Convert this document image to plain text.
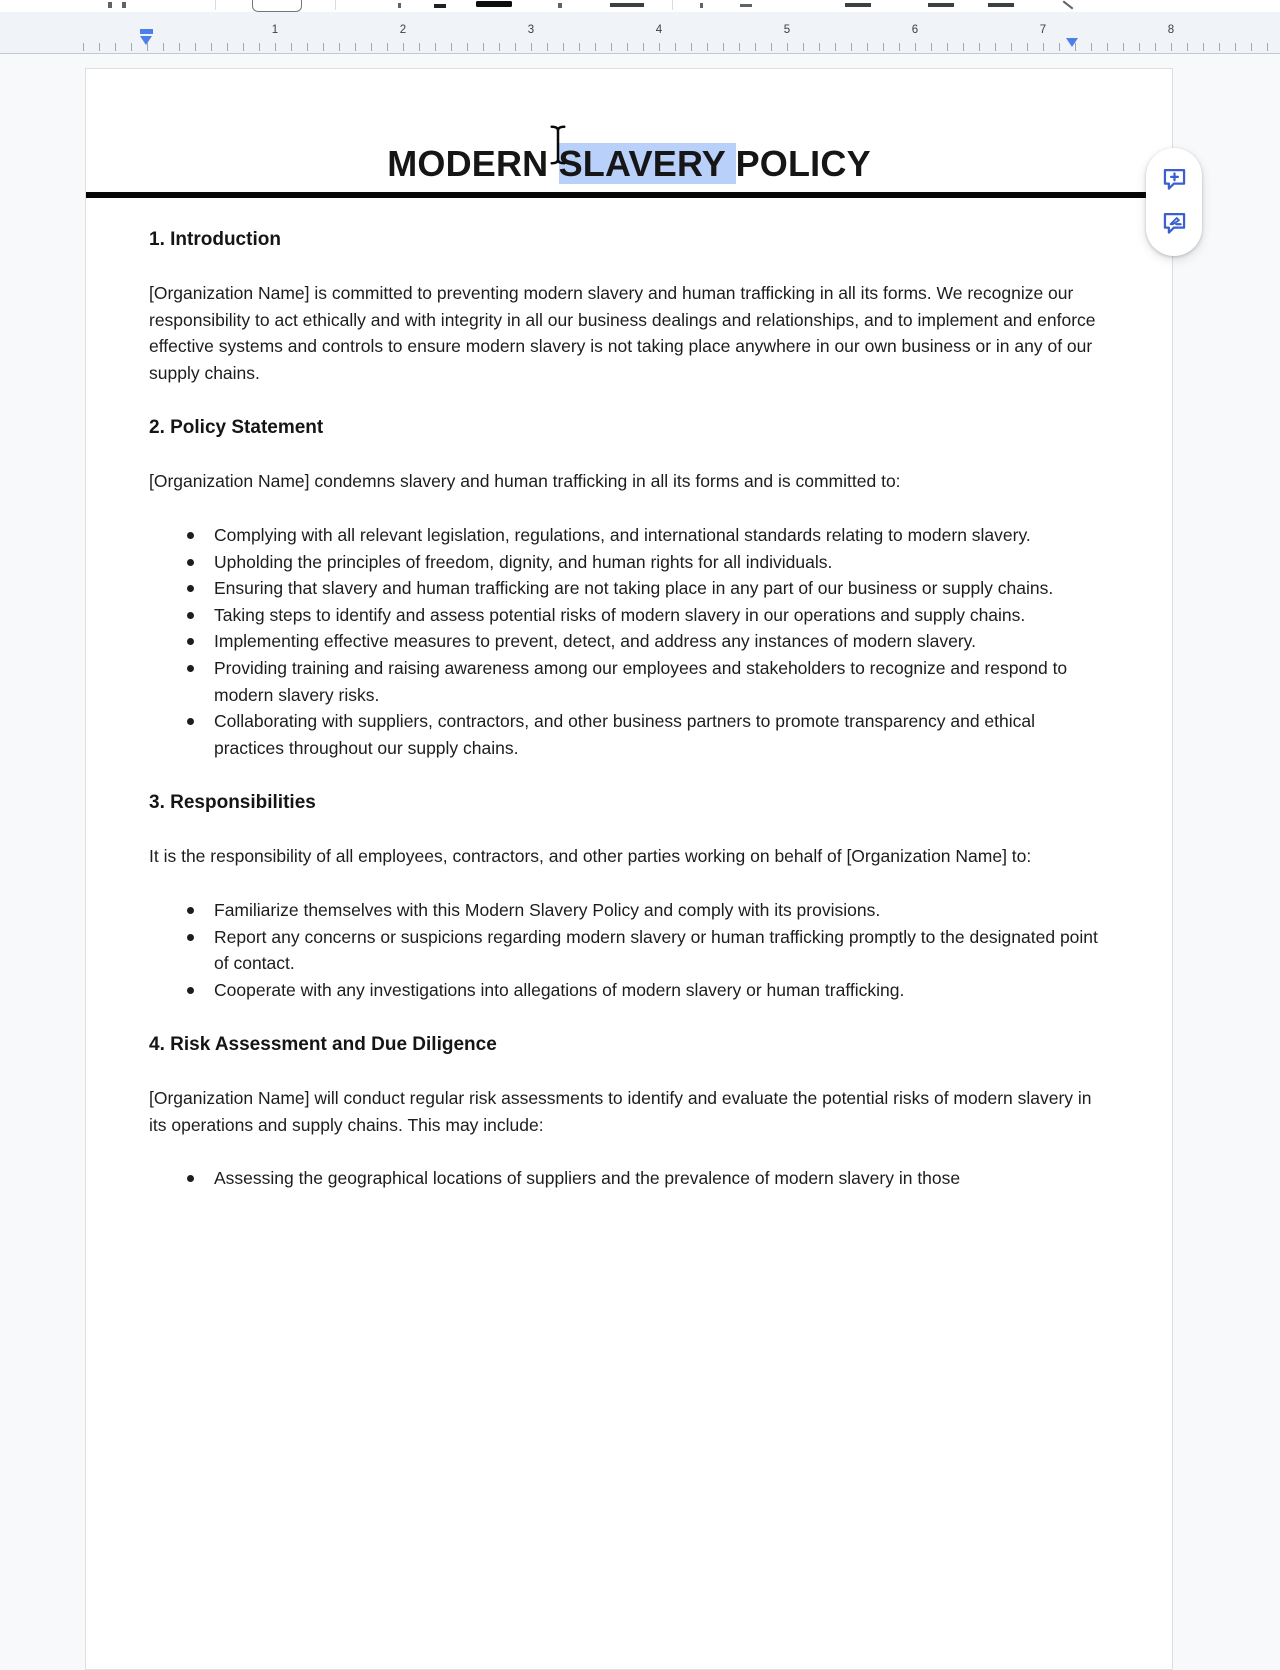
1	2	3	4	5	6	7	8
MODERN SLAVERY POLICY
1. Introduction

[Organization Name] is committed to preventing modern slavery and human trafficking in all its forms. We recognize our responsibility to act ethically and with integrity in all our business dealings and relationships, and to implement and enforce effective systems and controls to ensure modern slavery is not taking place anywhere in our own business or in any of our supply chains.

2. Policy Statement

[Organization Name] condemns slavery and human trafficking in all its forms and is committed to:

Complying with all relevant legislation, regulations, and international standards relating to modern slavery.
Upholding the principles of freedom, dignity, and human rights for all individuals.
Ensuring that slavery and human trafficking are not taking place in any part of our business or supply chains.
Taking steps to identify and assess potential risks of modern slavery in our operations and supply chains.
Implementing effective measures to prevent, detect, and address any instances of modern slavery.
Providing training and raising awareness among our employees and stakeholders to recognize and respond to modern slavery risks.
Collaborating with suppliers, contractors, and other business partners to promote transparency and ethical practices throughout our supply chains.
3. Responsibilities

It is the responsibility of all employees, contractors, and other parties working on behalf of [Organization Name] to:

Familiarize themselves with this Modern Slavery Policy and comply with its provisions.
Report any concerns or suspicions regarding modern slavery or human trafficking promptly to the designated point of contact.
Cooperate with any investigations into allegations of modern slavery or human trafficking.
4. Risk Assessment and Due Diligence

[Organization Name] will conduct regular risk assessments to identify and evaluate the potential risks of modern slavery in its operations and supply chains. This may include:

Assessing the geographical locations of suppliers and the prevalence of modern slavery in those
